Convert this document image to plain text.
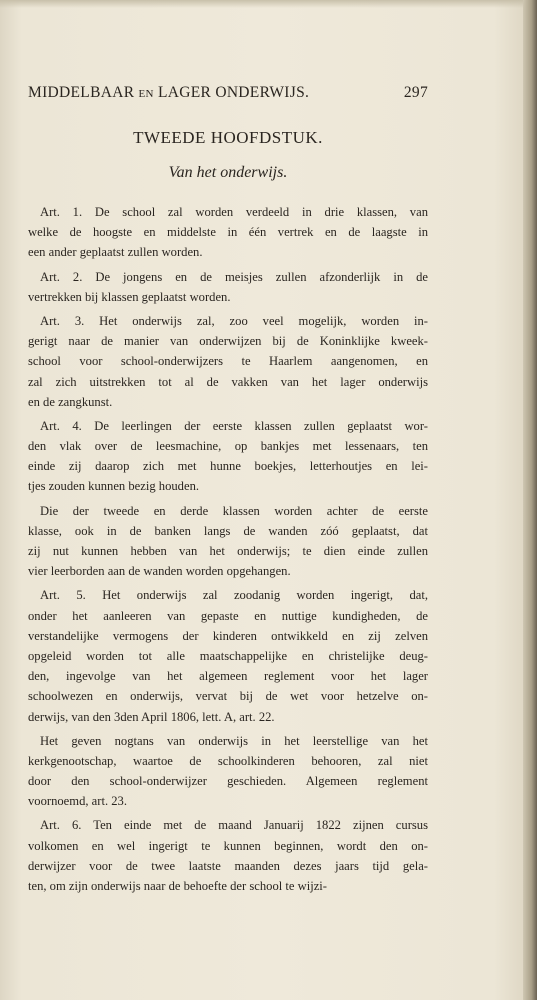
MIDDELBAAR EN LAGER ONDERWIJS.	297
TWEEDE HOOFDSTUK.
Van het onderwijs.
Art. 1. De school zal worden verdeeld in drie klassen, van
welke de hoogste en middelste in één vertrek en de laagste in
een ander geplaatst zullen worden.
Art. 2. De jongens en de meisjes zullen afzonderlijk in de
vertrekken bij klassen geplaatst worden.
Art. 3. Het onderwijs zal, zoo veel mogelijk, worden in-
gerigt naar de manier van onderwijzen bij de Koninklijke kweek-
school voor school-onderwijzers te Haarlem aangenomen, en
zal zich uitstrekken tot al de vakken van het lager onderwijs
en de zangkunst.
Art. 4. De leerlingen der eerste klassen zullen geplaatst wor-
den vlak over de leesmachine, op bankjes met lessenaars, ten
einde zij daarop zich met hunne boekjes, letterhoutjes en lei-
tjes zouden kunnen bezig houden.
Die der tweede en derde klassen worden achter de eerste
klasse, ook in de banken langs de wanden zóó geplaatst, dat
zij nut kunnen hebben van het onderwijs; te dien einde zullen
vier leerborden aan de wanden worden opgehangen.
Art. 5. Het onderwijs zal zoodanig worden ingerigt, dat,
onder het aanleeren van gepaste en nuttige kundigheden, de
verstandelijke vermogens der kinderen ontwikkeld en zij zelven
opgeleid worden tot alle maatschappelijke en christelijke deug-
den, ingevolge van het algemeen reglement voor het lager
schoolwezen en onderwijs, vervat bij de wet voor hetzelve on-
derwijs, van den 3den April 1806, lett. A, art. 22.
Het geven nogtans van onderwijs in het leerstellige van het
kerkgenootschap, waartoe de schoolkinderen behooren, zal niet
door den school-onderwijzer geschieden. Algemeen reglement
voornoemd, art. 23.
Art. 6. Ten einde met de maand Januarij 1822 zijnen cursus
volkomen en wel ingerigt te kunnen beginnen, wordt den on-
derwijzer voor de twee laatste maanden dezes jaars tijd gela-
ten, om zijn onderwijs naar de behoefte der school te wijzi-
